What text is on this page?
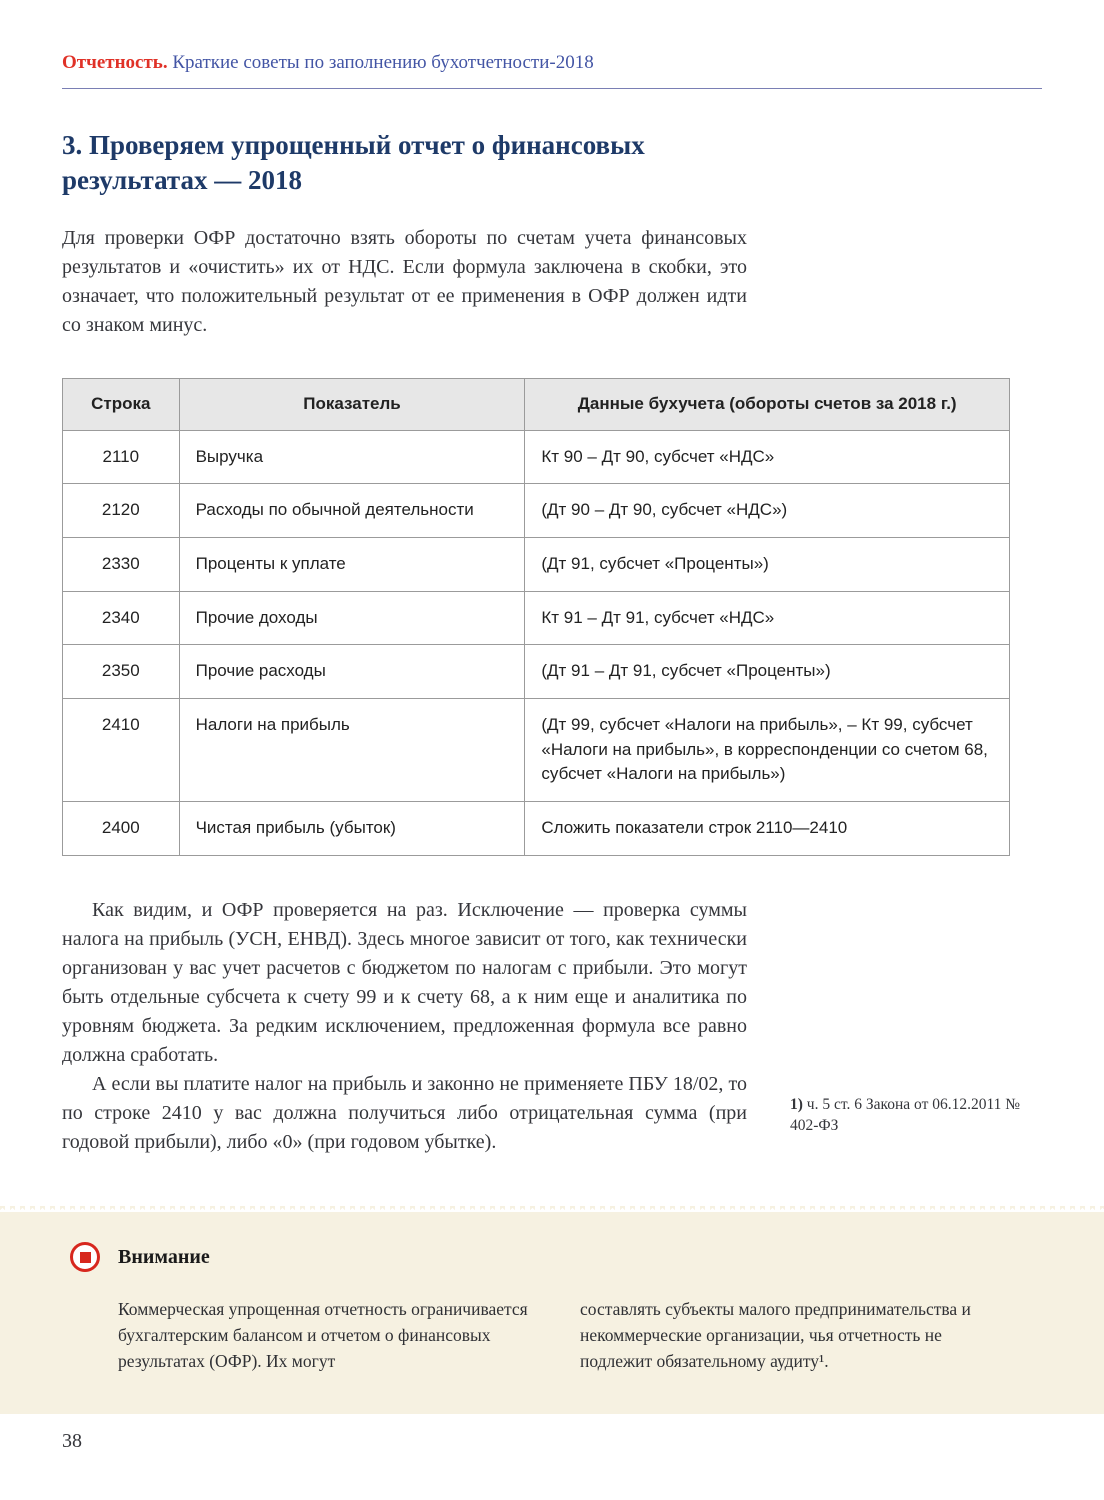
Отчетность. Краткие советы по заполнению бухотчетности-2018
3. Проверяем упрощенный отчет о финансовых результатах — 2018

Для проверки ОФР достаточно взять обороты по счетам учета финансовых результатов и «очистить» их от НДС. Если формула заключена в скобки, это означает, что положительный результат от ее применения в ОФР должен идти со знаком минус.

Строка	Показатель	Данные бухучета (обороты счетов за 2018 г.)
2110	Выручка	Кт 90 – Дт 90, субсчет «НДС»
2120	Расходы по обычной деятельности	(Дт 90 – Дт 90, субсчет «НДС»)
2330	Проценты к уплате	(Дт 91, субсчет «Проценты»)
2340	Прочие доходы	Кт 91 – Дт 91, субсчет «НДС»
2350	Прочие расходы	(Дт 91 – Дт 91, субсчет «Проценты»)
2410	Налоги на прибыль	(Дт 99, субсчет «Налоги на прибыль», – Кт 99, субсчет «Налоги на прибыль», в корреспонденции со счетом 68, субсчет «Налоги на прибыль»)
2400	Чистая прибыль (убыток)	Сложить показатели строк 2110—2410

Как видим, и ОФР проверяется на раз. Исключение — проверка суммы налога на прибыль (УСН, ЕНВД). Здесь многое зависит от того, как технически организован у вас учет расчетов с бюджетом по налогам с прибыли. Это могут быть отдельные субсчета к счету 99 и к счету 68, а к ним еще и аналитика по уровням бюджета. За редким исключением, предложенная формула все равно должна сработать.

А если вы платите налог на прибыль и законно не применяете ПБУ 18/02, то по строке 2410 у вас должна получиться либо отрицательная сумма (при годовой прибыли), либо «0» (при годовом убытке).

1) ч. 5 ст. 6 Закона от 06.12.2011 № 402-ФЗ
Внимание
Коммерческая упрощенная отчетность ограничивается бухгалтерским балансом и отчетом о финансовых результатах (ОФР). Их могут
составлять субъекты малого предпринимательства и некоммерческие организации, чья отчетность не подлежит обязательному аудиту¹.
38
